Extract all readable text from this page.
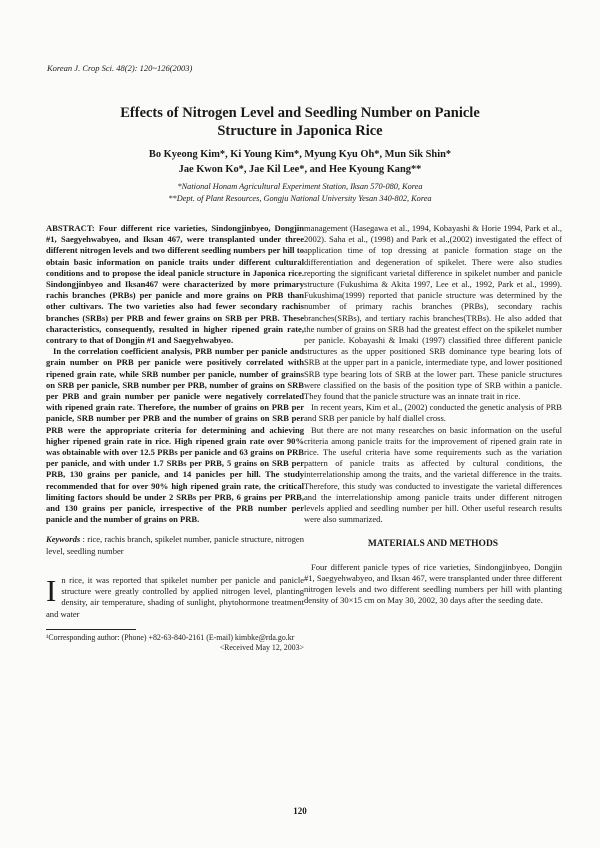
Korean J. Crop Sci. 48(2): 120~126(2003)
Effects of Nitrogen Level and Seedling Number on Panicle
Structure in Japonica Rice
Bo Kyeong Kim*, Ki Young Kim*, Myung Kyu Oh*, Mun Sik Shin*
Jae Kwon Ko*, Jae Kil Lee*, and Hee Kyoung Kang**
*National Honam Agricultural Experiment Station, Iksan 570-080, Korea
**Dept. of Plant Resources, Gongju National University Yesan 340-802, Korea

ABSTRACT: Four different rice varieties, Sindongjinbyeo, Dongjin #1, Saegyehwabyeo, and Iksan 467, were transplanted under three different nitrogen levels and two different seedling numbers per hill to obtain basic information on panicle traits under different cultural conditions and to propose the ideal panicle structure in Japonica rice. Sindongjinbyeo and Iksan467 were characterized by more primary rachis branches (PRBs) per panicle and more grains on PRB than other cultivars. The two varieties also had fewer secondary rachis branches (SRBs) per PRB and fewer grains on SRB per PRB. These characteristics, consequently, resulted in higher ripened grain rate, contrary to that of Dongjin #1 and Saegyehwabyeo.

In the correlation coefficient analysis, PRB number per panicle and grain number on PRB per panicle were positively correlated with ripened grain rate, while SRB number per panicle, number of grains on SRB per panicle, SRB number per PRB, number of grains on SRB per PRB and grain number per panicle were negatively correlated with ripened grain rate. Therefore, the number of grains on PRB per panicle, SRB number per PRB and the number of grains on SRB per PRB were the appropriate criteria for determining and achieving higher ripened grain rate in rice. High ripened grain rate over 90% was obtainable with over 12.5 PRBs per panicle and 63 grains on PRB per panicle, and with under 1.7 SRBs per PRB, 5 grains on SRB per PRB, 130 grains per panicle, and 14 panicles per hill. The study recommended that for over 90% high ripened grain rate, the critical limiting factors should be under 2 SRBs per PRB, 6 grains per PRB, and 130 grains per panicle, irrespective of the PRB number per panicle and the number of grains on PRB.

Keywords : rice, rachis branch, spikelet number, panicle structure, nitrogen level, seedling number

In rice, it was reported that spikelet number per panicle and panicle structure were greatly controlled by applied nitrogen level, planting density, air temperature, shading of sunlight, phytohormone treatment and water

¹Corresponding author: (Phone) +82-63-840-2161 (E-mail) kimbke@rda.go.kr
<Received May 12, 2003>

management (Hasegawa et al., 1994, Kobayashi & Horie 1994, Park et al., 2002). Saha et al., (1998) and Park et al.,(2002) investigated the effect of application time of top dressing at panicle formation stage on the differentiation and degeneration of spikelet. There were also studies reporting the significant varietal difference in spikelet number and panicle structure (Fukushima & Akita 1997, Lee et al., 1992, Park et al., 1999). Fukushima(1999) reported that panicle structure was determined by the number of primary rachis branches (PRBs), secondary rachis branches(SRBs), and tertiary rachis branches(TRBs). He also added that the number of grains on SRB had the greatest effect on the spikelet number per panicle. Kobayashi & Imaki (1997) classified three different panicle structures as the upper positioned SRB dominance type bearing lots of SRB at the upper part in a panicle, intermediate type, and lower positioned SRB type bearing lots of SRB at the lower part. These panicle structures were classified on the basis of the position type of SRB within a panicle. They found that the panicle structure was an innate trait in rice.

In recent years, Kim et al., (2002) conducted the genetic analysis of PRB and SRB per panicle by half diallel cross.

But there are not many researches on basic information on the useful criteria among panicle traits for the improvement of ripened grain rate in rice. The useful criteria have some requirements such as the variation pattern of panicle traits as affected by cultural conditions, the interrelationship among the traits, and the varietal difference in the traits. Therefore, this study was conducted to investigate the varietal differences and the interrelationship among panicle traits under different nitrogen levels applied and seedling number per hill. Other useful research results were also summarized.

MATERIALS AND METHODS

Four different panicle types of rice varieties, Sindongjinbyeo, Dongjin #1, Saegyehwabyeo, and Iksan 467, were transplanted under three different nitrogen levels and two different seedling numbers per hill with planting density of 30×15 cm on May 30, 2002, 30 days after the seeding date.

120
